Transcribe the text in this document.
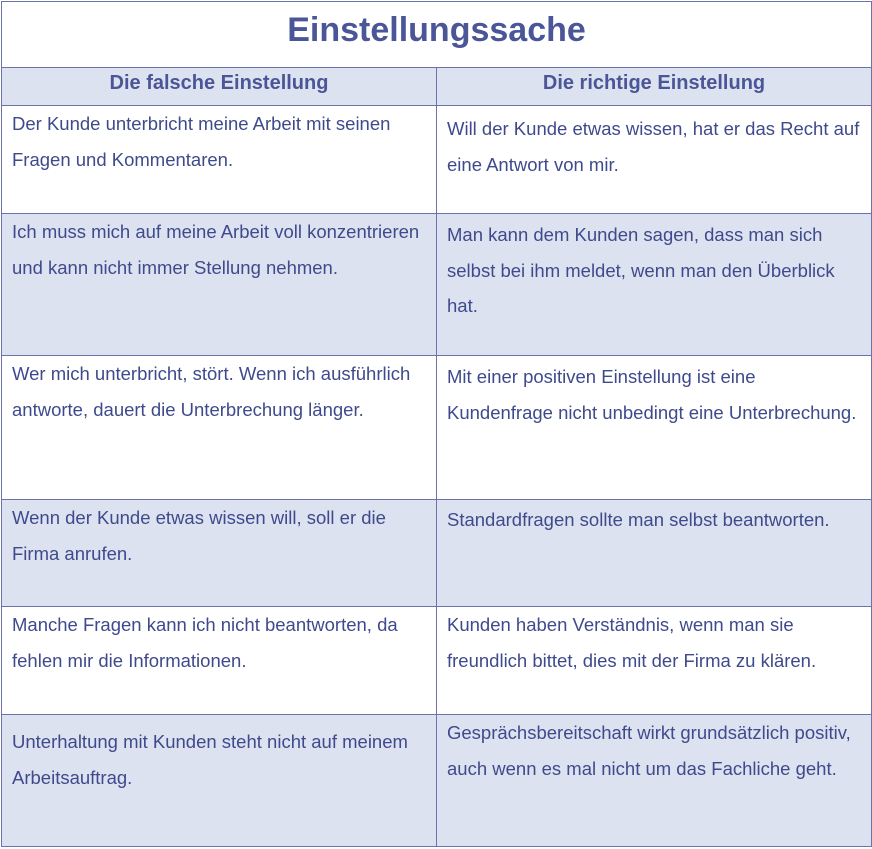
Einstellungssache	
Die falsche Einstellung	Die richtige Einstellung
Der Kunde unterbricht meine Arbeit mit seinen Fragen und Kommentaren.	Will der Kunde etwas wissen, hat er das Recht auf eine Antwort von mir.
Ich muss mich auf meine Arbeit voll konzentrieren und kann nicht immer Stellung nehmen.	Man kann dem Kunden sagen, dass man sich selbst bei ihm meldet, wenn man den Überblick hat.
Wer mich unterbricht, stört. Wenn ich ausführlich antworte, dauert die Unterbrechung länger.	Mit einer positiven Einstellung ist eine Kundenfrage nicht unbedingt eine Unterbrechung.
Wenn der Kunde etwas wissen will, soll er die Firma anrufen.	Standardfragen sollte man selbst beantworten.
Manche Fragen kann ich nicht beantworten, da fehlen mir die Informationen.	Kunden haben Verständnis, wenn man sie freundlich bittet, dies mit der Firma zu klären.
Unterhaltung mit Kunden steht nicht auf meinem Arbeitsauftrag.	Gesprächsbereitschaft wirkt grundsätzlich positiv, auch wenn es mal nicht um das Fachliche geht.
